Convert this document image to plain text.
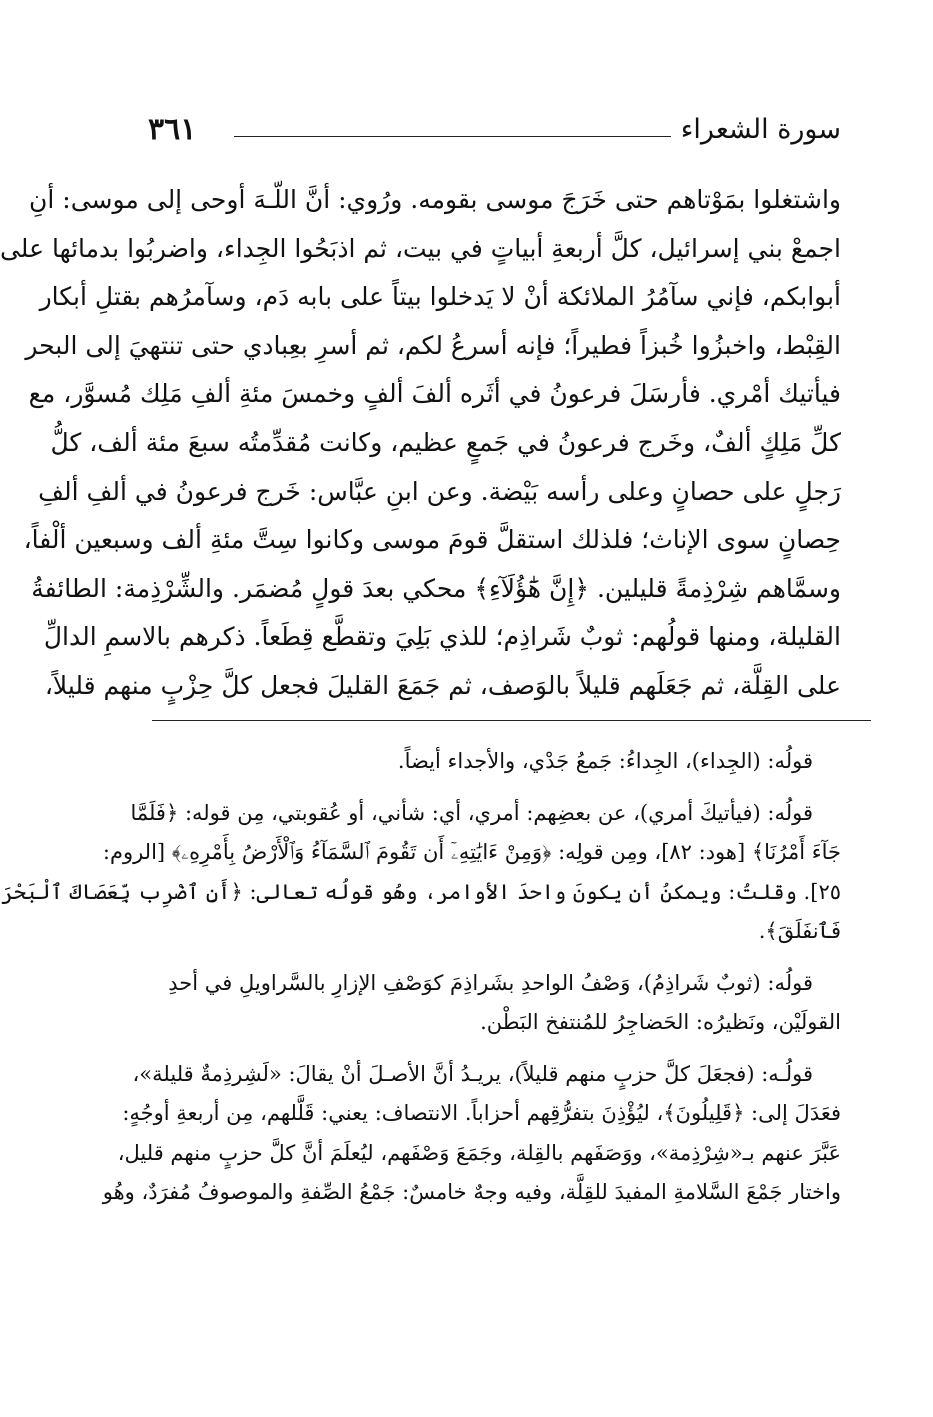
سورة الشعراء
٣٦١
واشتغلوا بمَوْتاهم حتى خَرَجَ موسى بقومه. ورُوي: أنَّ اللّـهَ أوحى إلى موسى: أنِ
اجمعْ بني إسرائيل، كلَّ أربعةِ أبياتٍ في بيت، ثم اذبَحُوا الجِداء، واضربُوا بدمائها على
أبوابكم، فإني سآمُرُ الملائكة أنْ لا يَدخلوا بيتاً على بابه دَم، وسآمرُهم بقتلِ أبكار
القِبْط، واخبزُوا خُبزاً فطيراً؛ فإنه أسرعُ لكم، ثم أسرِ بعِبادي حتى تنتهيَ إلى البحر
فيأتيك أمْري. فأرسَلَ فرعونُ في أثَره ألفَ ألفٍ وخمسَ مئةِ ألفِ مَلِك مُسوَّر، مع
كلِّ مَلِكٍ ألفٌ، وخَرج فرعونُ في جَمعٍ عظيم، وكانت مُقدِّمتُه سبعَ مئة ألف، كلُّ
رَجلٍ على حصانٍ وعلى رأسه بَيْضة. وعن ابنِ عبَّاس: خَرج فرعونُ في ألفِ ألفِ
حِصانٍ سوى الإناث؛ فلذلك استقلَّ قومَ موسى وكانوا سِتَّ مئةِ ألف وسبعين ألْفاً،
وسمَّاهم شِرْذِمةً قليلين. ﴿إِنَّ هَٰٓؤُلَآءِ﴾ محكي بعدَ قولٍ مُضمَر. والشِّرْذِمة: الطائفةُ
القليلة، ومنها قولُهم: ثوبٌ شَراذِم؛ للذي بَلِيَ وتقطَّع قِطَعاً. ذكرهم بالاسمِ الدالِّ
على القِلَّة، ثم جَعَلَهم قليلاً بالوَصف، ثم جَمَعَ القليلَ فجعل كلَّ حِزْبٍ منهم قليلاً،
قولُه: (الجِداء)، الجِداءُ: جَمعُ جَدْي، والأجداء أيضاً.
قولُه: (فيأتيكَ أمري)، عن بعضِهم: أمري، أي: شأني، أو عُقوبتي، مِن قوله: ﴿فَلَمَّا
جَآءَ أَمْرُنَا﴾ [هود: ٨٢]، ومِن قولِه: ﴿وَمِنْ ءَايَٰتِهِۦٓ أَن تَقُومَ ٱلسَّمَآءُ وَٱلْأَرْضُ بِأَمْرِهِۦ﴾ [الروم:
٢٥]. وقلتُ: ويمكنُ أن يكونَ واحدَ الأوامر، وهُو قولُه تعالى: ﴿أَنِ ٱضْرِب بِّعَصَاكَ ٱلْبَحْرَ
فَٱنفَلَقَ﴾.
قولُه: (ثوبٌ شَراذِمُ)، وَصْفُ الواحدِ بشَراذِمَ كوَصْفِ الإزارِ بالسَّراويلِ في أحدِ
القولَيْن، ونَظيرُه: الحَضاجِرُ للمُنتفخ البَطْن.
قولُـه: (فجعَلَ كلَّ حزبٍ منهم قليلاً)، يريـدُ أنَّ الأصـلَ أنْ يقالَ: «لَشِرذِمةٌ قليلة»،
فعَدَلَ إلى: ﴿قَلِيلُونَ﴾، ليُؤْذِنَ بتفرُّقِهم أحزاباً. الانتصاف: يعني: قَلَّلهم، مِن أربعةِ أوجُهٍ:
عَبَّرَ عنهم بـ«شِرْذِمة»، ووَصَفَهم بالقِلة، وجَمَعَ وَصْفَهم، ليُعلَمَ أنَّ كلَّ حزبٍ منهم قليل،
واختار جَمْعَ السَّلامةِ المفيدَ للقِلَّة، وفيه وجهٌ خامسٌ: جَمْعُ الصِّفةِ والموصوفُ مُفرَدٌ، وهُو
